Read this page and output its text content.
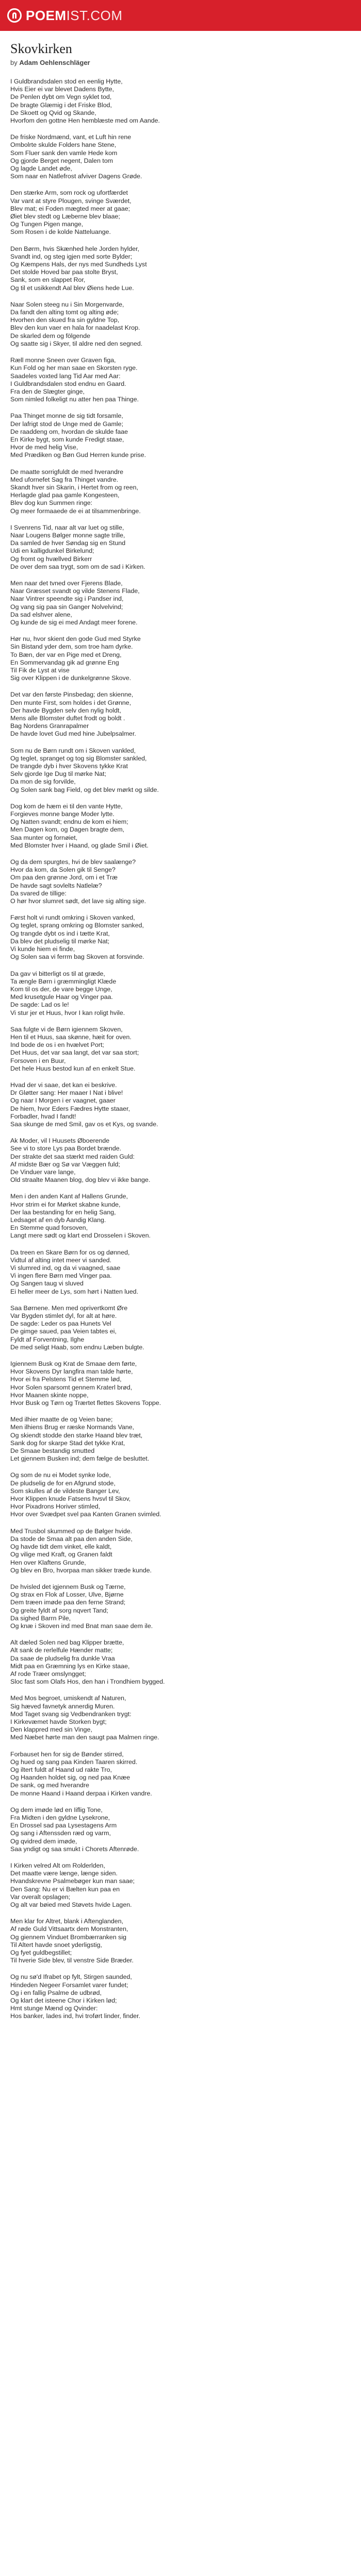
POEMIST.COM
Skovkirken
by Adam Oehlenschläger
I Guldbrandsdalen stod en eenlig Hytte,
Hvis Eier ei var blevet Dadens Bytte,
De Penlen dybt om Vegn syklet tod,
De bragte Glæmig i det Friske Blod,
De Skoett og Qvid og Skande,
Hvorfom den gottne Hen hemblæste med om Aande.
De friske Nordmænd, vant, et Luft hin rene
Ombolrte skulde Folders hane Stene,
Som Fluer sank den vamle Hede kom
Og gjorde Berget negent, Dalen tom
Og lagde Landet øde,
Som naar en Natlefrost afviver Dagens Grøde.
Den stærke Arm, som rock og ufortfærdet
Var vant at styre Plougen, svinge Sværdet,
Blev mat; ei Foden mægted meer at gaae;
Øiet blev stedt og Læberne blev blaae;
Og Tungen Pigen mange,
Som Rosen i de kolde Natteluange.
Den Børm, hvis Skænhed hele Jorden hylder,
Svandt ind, og steg igjen med sorte Bylder;
Og Kæmpens Hals, der nys med Sundheds Lyst
Det stolde Hoved bar paa stolte Bryst,
Sank, som en slappet Ror,
Og til et usikkendt Aal blev Øiens hede Lue.
Naar Solen steeg nu i Sin Morgenvarde,
Da fandt den alting tomt og alting øde;
Hvorhen den skued fra sin gyldne Top,
Blev den kun vaer en hala for naadelast Krop.
De skarled dem og fölgende
Og saatte sig i Skyer, til aldre ned den segned.
Ræll monne Sneen over Graven figa,
Kun Fold og her man saae en Skorsten ryge.
Saadeles voxted lang Tid Aar med Aar:
I Guldbrandsdalen stod endnu en Gaard.
Fra den de Slægter ginge,
Som nimled folkeligt nu atter hen paa Thinge.
Paa Thinget monne de sig tidt forsamle,
Der lafrigt stod de Unge med de Gamle;
De raaddeng om, hvordan de skulde faae
En Kirke bygt, som kunde Fredigt staae,
Hvor de med helig Vise,
Med Prædiken og Bøn Gud Herren kunde prise.
De maatte sorrigfuldt de med hverandre
Med ufornefet Sag fra Thinget vandre.
Skandt hver sin Skarin, i Hertet from og reen,
Herlagde glad paa gamle Kongesteen,
Blev dog kun Summen ringe:
Og meer formaaede de ei at tilsammenbringe.
I Svenrens Tid, naar alt var luet og stille,
Naar Lougens Bølger monne sagte trille,
Da samled de hver Søndag sig en Stund
Udi en kalligdunkel Birkelund;
Og fromt og hvællved Birkerr
De over dem saa trygt, som om de sad i Kirken.
Men naar det tvned over Fjerens Blade,
Naar Græsset svandt og vilde Stenens Flade,
Naar Vintrer speendte sig i Pandser ind,
Og vang sig paa sin Ganger Nolvelvind;
Da sad elshver alene,
Og kunde de sig ei med Andagt meer forene.
Hør nu, hvor skient den gode Gud med Styrke
Sin Bistand yder dem, som troe ham dyrke.
To Bæn, der var en Pige med et Dreng,
En Sommervandag gik ad grønne Eng
Til Fik de Lyst at vise
Sig over Klippen i de dunkelgrønne Skove.
Det var den første Pinsbedag; den skienne,
Den munte First, som holdes i det Grønne,
Der havde Bygden selv den nylig holdt,
Mens alle Blomster duftet frodt og boldt .
Bag Nordens Granrapalmer
De havde lovet Gud med hine Jubelpsalmer.
Som nu de Børn rundt om i Skoven vankled,
Og teglet, spranget og tog sig Blomster sankled,
De trangde dyb i hver Skovens tykke Krat
Selv gjorde Ige Dug til mørke Nat;
Da mon de sig forvilde,
Og Solen sank bag Field, og det blev mørkt og silde.
Dog kom de hæm ei til den vante Hytte,
Forgieves monne bange Moder lytte.
Og Natten svandt; endnu de kom ei hiem;
Men Dagen kom, og Dagen bragte dem,
Saa munter og fornøiet,
Med Blomster hver i Haand, og glade Smil i Øiet.
Og da dem spurgtes, hvi de blev saalænge?
Hvor da kom, da Solen gik til Senge?
Om paa den grønne Jord, om i et Træ
De havde sagt sovlelts Natlelæ?
Da svared de tillige:
O hør hvor slumret sødt, det lave sig alting sige.
Først holt vi rundt omkring i Skoven vanked,
Og teglet, sprang omkring og Blomster sanked,
Og trangde dybt os ind i tætte Krat,
Da blev det pludselig til mørke Nat;
Vi kunde hiem ei finde,
Og Solen saa vi ferrm bag Skoven at forsvinde.
Da gav vi bitterligt os til at græde,
Ta ængle Børn i græmmingligt Klæde
Kom til os der, de vare begge Unge,
Med krusetgule Haar og Vinger paa.
De sagde: Lad os le!
Vi stur jer et Huus, hvor I kan roligt hvile.
Saa fulgte vi de Børn igiennem Skoven,
Hen til et Huus, saa skønne, hæit for oven.
Ind bode de os i en hvælvet Port;
Det Huus, det var saa langt, det var saa stort;
Forsoven i en Buur,
Det hele Huus bestod kun af en enkelt Stue.
Hvad der vi saae, det kan ei beskrive.
Dr Gløtter sang: Her maaer I Nat i blive!
Og naar I Morgen i er vaagnet, gaaer
De hiem, hvor Eders Fædres Hytte staaer,
Forbadler, hvad I fandt!
Saa skunge de med Smil, gav os et Kys, og svande.
Ak Moder, vil I Huusets Øboerende
See vi to store Lys paa Bordet brænde.
Der strakte det saa stærkt med raiden Guld:
Af midste Bær og Sø var Væggen fuld;
De Vinduer vare lange,
Old straalte Maanen blog, dog blev vi ikke bange.
Men i den anden Kant af Hallens Grunde,
Hvor strim ei for Mørket skabne kunde,
Der laa bestanding for en helig Sang,
Ledsaget af en dyb Aandig Klang.
En Stemme quad forsoven,
Langt mere sødt og klart end Drosselen i Skoven.
Da treen en Skare Børn for os og dønned,
Vidtul af alting intet meer vi sanded.
Vi slumred ind, og da vi vaagned, saae
Vi ingen flere Børn med Vinger paa.
Og Sangen taug vi sluved
Ei heller meer de Lys, som hørt i Natten lued.
Saa Børnene. Men med oprivertkomt Øre
Var Bygden stimlet dyl, for alt at høre.
De sagde: Leder os paa Hunets Vel
De gimge saued, paa Veien tabtes ei,
Fyldt af Forventning, Ilghe
De med seligt Haab, som endnu Læben bulgte.
Igiennem Busk og Krat de Smaae dem førte,
Hvor Skovens Dyr langfira man talde hørte,
Hvor ei fra Pelstens Tid et Stemme lød,
Hvor Solen sparsomt gennem Kraterl brød,
Hvor Maanen skinte noppe,
Hvor Busk og Tørn og Trærtet flettes Skovens Toppe.
Med ilhier maatte de og Veien bane;
Men ilhiens Brug er ræske Normands Vane,
Og skiendt stodde den starke Haand blev træt,
Sank dog for skarpe Stad det tykke Krat,
De Smaae bestandig smutted
Let gjennem Busken ind; dem fælge de besluttet.
Og som de nu ei Modet synke lode,
De pludselig de for en Afgrund stode,
Som skulles af de vildeste Banger Lev,
Hvor Klippen knude Fatsens hvsvl til Skov,
Hvor Pixadrons Horiver stimled,
Hvor over Svædpet svel paa Kanten Granen svimled.
Med Trusbol skummed op de Bølger hvide.
Da stode de Smaa alt paa den anden Side,
Og havde tidt dem vinket, elle kaldt,
Og vilige med Kraft, og Granen faldt
Hen over Klaftens Grunde,
Og blev en Bro, hvorpaa man sikker træde kunde.
De hvisled det igjennem Busk og Tærne,
Og strax en Flok af Losser, Ulve, Bjørne
Dem træen imøde paa den ferne Strand;
Og greite fyldt af sorg nqvert Tand;
Da sighed Barrn Pile,
Og knæ i Skoven ind med Bnat man saae dem ile.
Alt dæled Solen ned bag Klipper brætte,
Alt sank de rerlelfule Hænder matte;
Da saae de pludselig fra dunkle Vraa
Midt paa en Græmning lys en Kirke staae,
Af rode Træer omslyngget;
Sloc fast som Olafs Hos, den han i Trondhiem bygged.
Med Mos begroet, umiskendt af Naturen,
Sig hæved favnetyk annerdig Muren.
Mod Taget svang sig Vedbendranken trygt:
I Kirkevæmet havde Storken bygt;
Den klappred med sin Vinge,
Med Næbet hørte man den saugt paa Malmen ringe.
Forbauset hen for sig de Bønder stirred,
Og hued og sang paa Kinden Taaren skirred.
Og iltert fuldt af Haand ud rakte Tro,
Og Haanden holdet sig, og ned paa Knæe
De sank, og med hverandre
De monne Haand i Haand derpaa i Kirken vandre.
Og dem imøde lød en Iiflig Tone,
Fra Midten i den gyldne Lysekrone,
En Drossel sad paa Lysestagens Arm
Og sang i Aftenssden ræd og varm,
Og qvidred dem imøde,
Saa yndigt og saa smukt i Chorets Aftenrøde.
I Kirken velred Alt om Rolderlden,
Det maatte være længe, længe siden.
Hvandskrevne Psalmebøger kun man saae;
Den Sang: Nu er vi Bælten kun paa en
Var overalt opslagen;
Og alt var bøied med Støvets hvide Lagen.
Men klar for Altret, blank i Aftenglanden,
Af røde Guld Vittsaartx dem Monstranten,
Og giennem Vinduet Brombærranken sig
Til Altert havde snoet yderligstig,
Og fyet guldbegstillet;
Til hverie Side blev, til venstre Side Bræder.
Og nu sø'd Ifrabet op fylt, Stirgen saunded,
Hindeden Negeer Forsamlet varer fundet;
Og i en fallig Psalme de udbrød,
Og klart det isteene Chor i Kirken lød;
Hmt stunge Mænd og Qvinder:
Hos banker, lades ind, hvi troført linder, finder.
